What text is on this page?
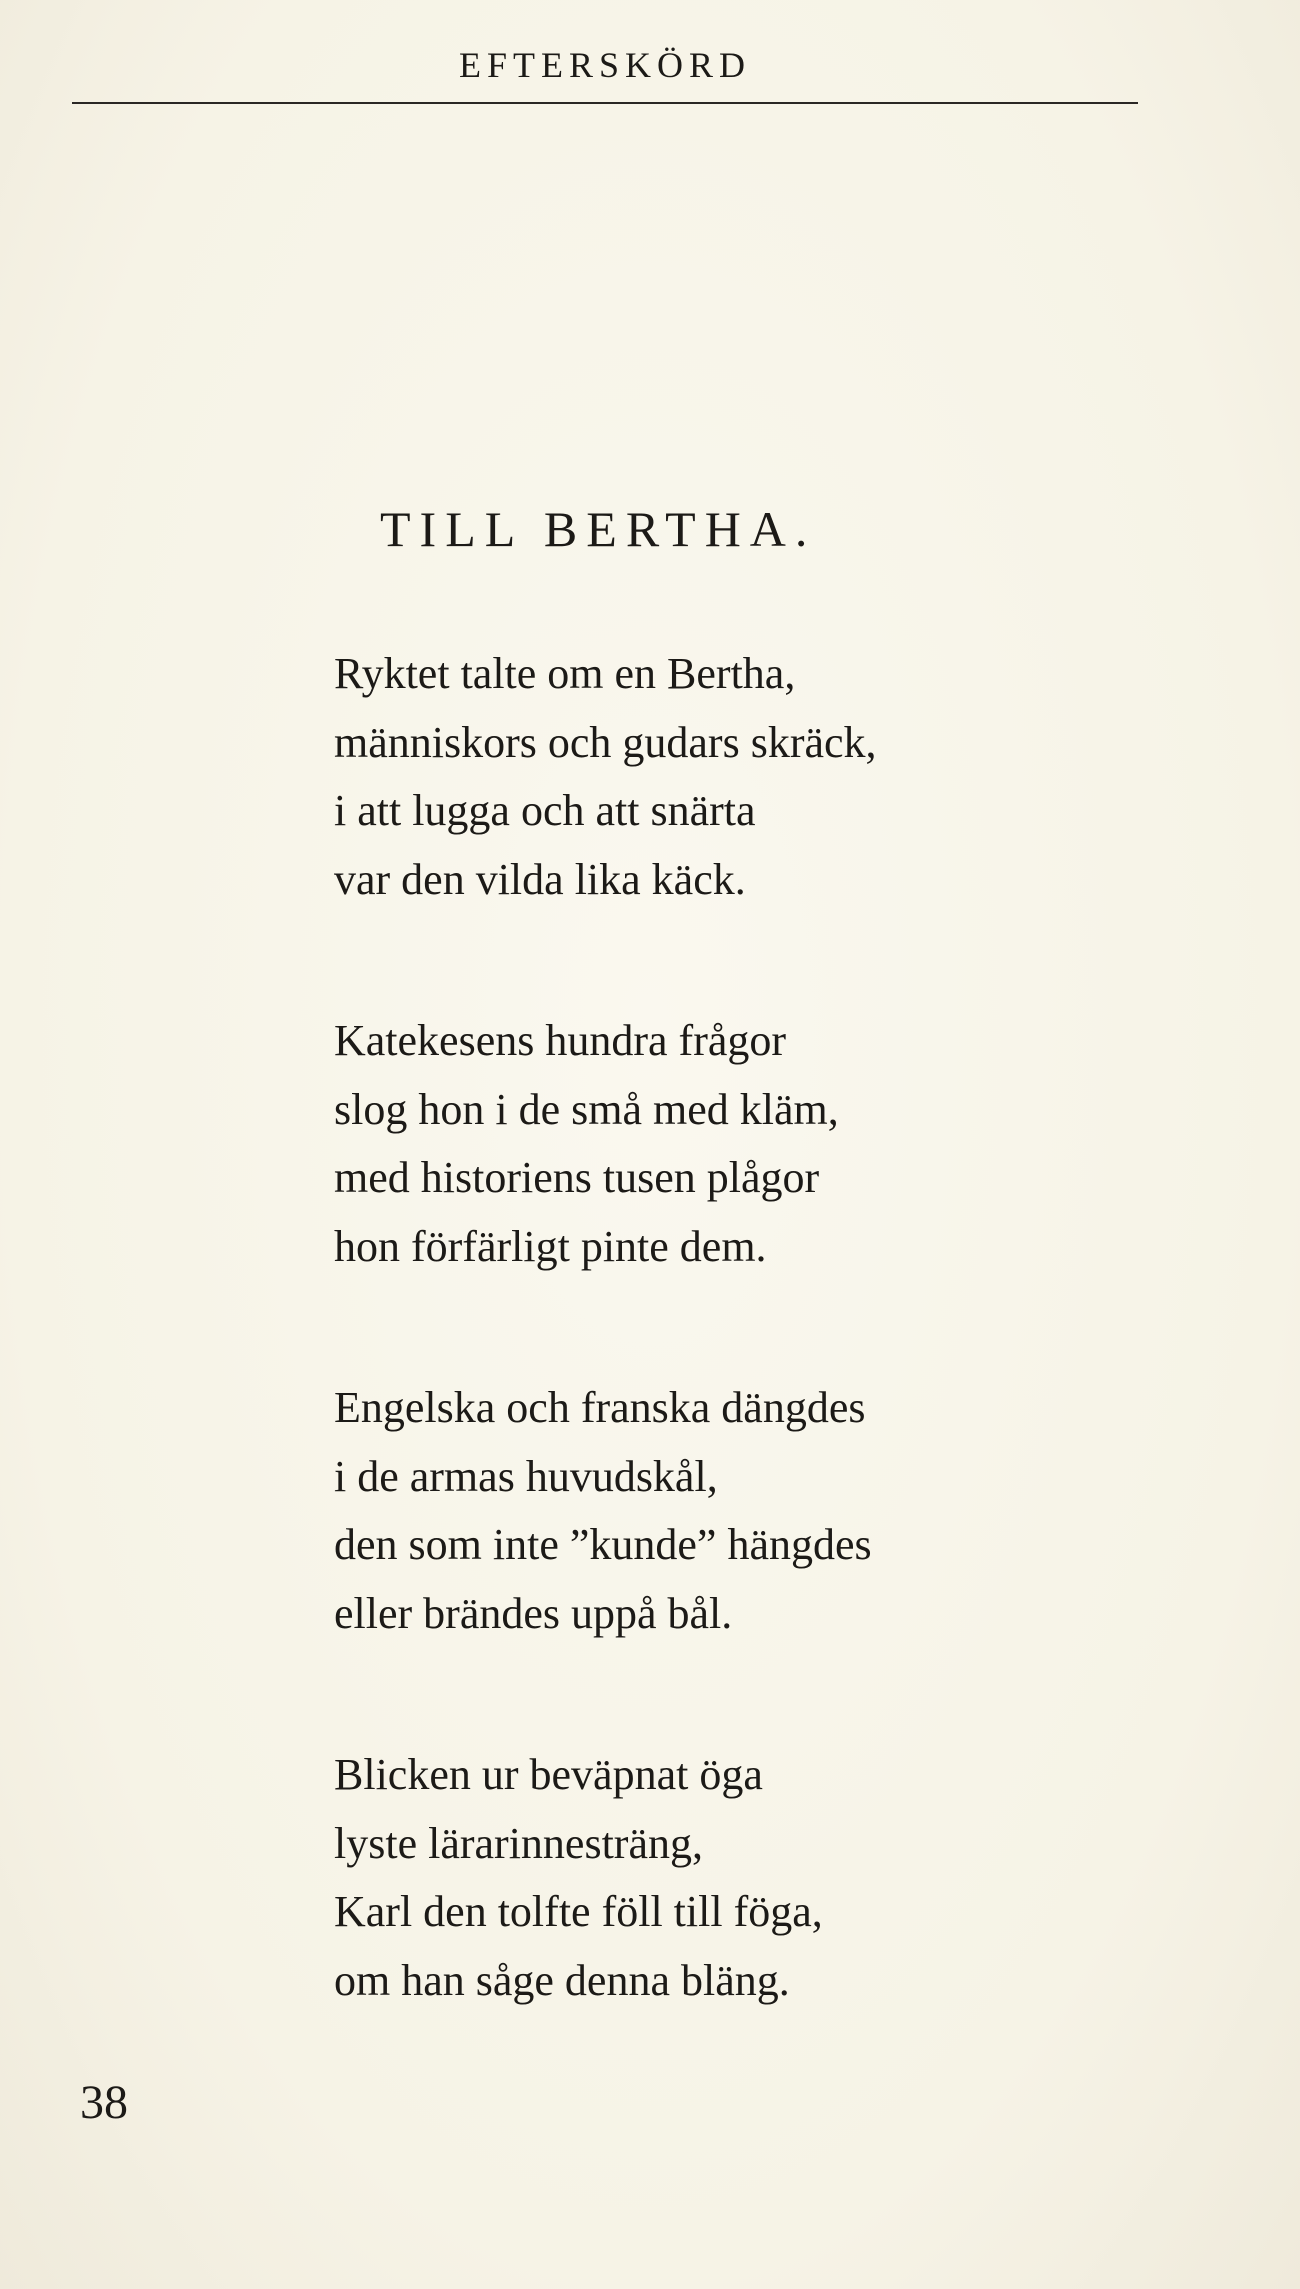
EFTERSKÖRD
TILL BERTHA.
Ryktet talte om en Bertha,
människors och gudars skräck,
i att lugga och att snärta
var den vilda lika käck.
Katekesens hundra frågor
slog hon i de små med kläm,
med historiens tusen plågor
hon förfärligt pinte dem.
Engelska och franska dängdes
i de armas huvudskål,
den som inte ”kunde” hängdes
eller brändes uppå bål.
Blicken ur beväpnat öga
lyste lärarinnesträng,
Karl den tolfte föll till föga,
om han såge denna bläng.
38
